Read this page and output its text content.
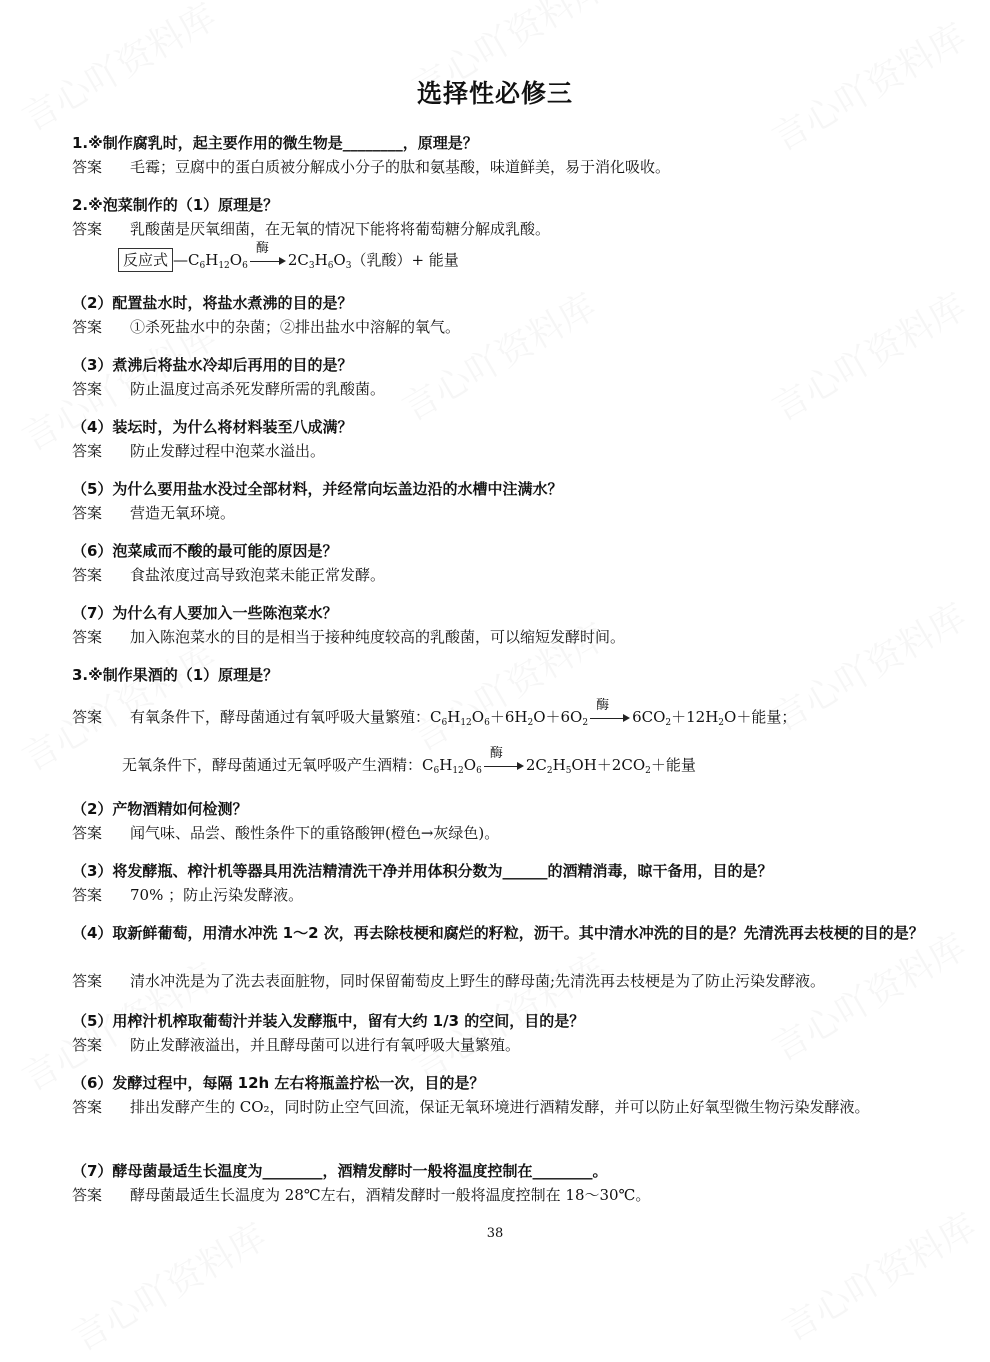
选择性必修三
1.※制作腐乳时，起主要作用的微生物是________，原理是？
答案 毛霉；豆腐中的蛋白质被分解成小分子的肽和氨基酸，味道鲜美，易于消化吸收。
2.※泡菜制作的（1）原理是？
答案 乳酸菌是厌氧细菌，在无氧的情况下能将将葡萄糖分解成乳酸。
反应式 $—C_6H_{12}O_6$
酶
$2C_3H_6O_3$（乳酸）+ 能量
（2）配置盐水时，将盐水煮沸的目的是？
答案 ①杀死盐水中的杂菌；②排出盐水中溶解的氧气。
（3）煮沸后将盐水冷却后再用的目的是？
答案 防止温度过高杀死发酵所需的乳酸菌。
（4）装坛时，为什么将材料装至八成满？
答案 防止发酵过程中泡菜水溢出。
（5）为什么要用盐水没过全部材料，并经常向坛盖边沿的水槽中注满水？
答案 营造无氧环境。
（6）泡菜咸而不酸的最可能的原因是？
答案 食盐浓度过高导致泡菜未能正常发酵。
（7）为什么有人要加入一些陈泡菜水？
答案 加入陈泡菜水的目的是相当于接种纯度较高的乳酸菌，可以缩短发酵时间。
3.※制作果酒的（1）原理是？
答案 有氧条件下，酵母菌通过有氧呼吸大量繁殖：$C_6H_{12}O_6+6H_2O+6O_2$
酶
$6CO_2+12H_2O+$能量；
无氧条件下，酵母菌通过无氧呼吸产生酒精：$C_6H_{12}O_6$
酶
$2C_2H_5OH+2CO_2+$能量
（2）产物酒精如何检测？
答案 闻气味、品尝、酸性条件下的重铬酸钾(橙色→灰绿色)。
（3）将发酵瓶、榨汁机等器具用洗洁精清洗干净并用体积分数为______的酒精消毒，晾干备用，目的是？
答案 70% ；防止污染发酵液。
（4）取新鲜葡萄，用清水冲洗 1～2 次，再去除枝梗和腐烂的籽粒，沥干。其中清水冲洗的目的是？先清洗再去枝梗的目的是？
答案 清水冲洗是为了洗去表面脏物，同时保留葡萄皮上野生的酵母菌;先清洗再去枝梗是为了防止污染发酵液。
（5）用榨汁机榨取葡萄汁并装入发酵瓶中，留有大约 1/3 的空间，目的是？
答案 防止发酵液溢出，并且酵母菌可以进行有氧呼吸大量繁殖。
（6）发酵过程中，每隔 12h 左右将瓶盖拧松一次，目的是？
答案 排出发酵产生的 CO₂，同时防止空气回流，保证无氧环境进行酒精发酵，并可以防止好氧型微生物污染发酵液。
（7）酵母菌最适生长温度为________，酒精发酵时一般将温度控制在________。
答案 酵母菌最适生长温度为 28℃左右，酒精发酵时一般将温度控制在 18～30℃。
38
